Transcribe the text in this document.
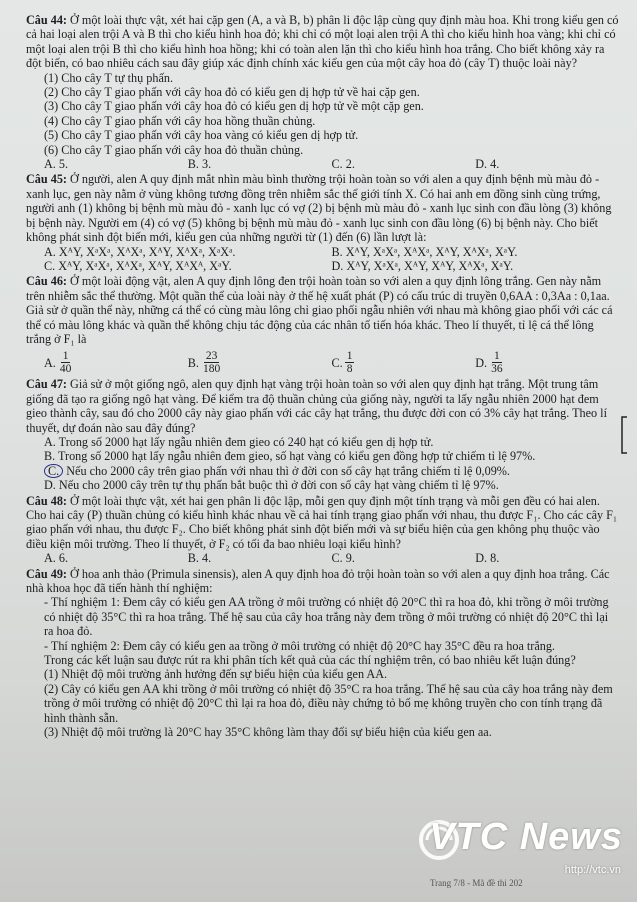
Câu 44: Ở một loài thực vật, xét hai cặp gen (A, a và B, b) phân li độc lập cùng quy định màu hoa. Khi trong kiểu gen có cả hai loại alen trội A và B thì cho kiểu hình hoa đỏ; khi chỉ có một loại alen trội A thì cho kiểu hình hoa vàng; khi chỉ có một loại alen trội B thì cho kiểu hình hoa hồng; khi có toàn alen lặn thì cho kiểu hình hoa trắng. Cho biết không xảy ra đột biến, có bao nhiêu cách sau đây giúp xác định chính xác kiểu gen của một cây hoa đỏ (cây T) thuộc loài này?

(1) Cho cây T tự thụ phấn.

(2) Cho cây T giao phấn với cây hoa đỏ có kiểu gen dị hợp tử về hai cặp gen.

(3) Cho cây T giao phấn với cây hoa đỏ có kiểu gen dị hợp tử về một cặp gen.

(4) Cho cây T giao phấn với cây hoa hồng thuần chủng.

(5) Cho cây T giao phấn với cây hoa vàng có kiểu gen dị hợp tử.

(6) Cho cây T giao phấn với cây hoa đỏ thuần chủng.

A. 5.	B. 3.	C. 2.	D. 4.

Câu 45: Ở người, alen A quy định mắt nhìn màu bình thường trội hoàn toàn so với alen a quy định bệnh mù màu đỏ - xanh lục, gen này nằm ở vùng không tương đồng trên nhiễm sắc thể giới tính X. Có hai anh em đồng sinh cùng trứng, người anh (1) không bị bệnh mù màu đỏ - xanh lục có vợ (2) bị bệnh mù màu đỏ - xanh lục sinh con đầu lòng (3) không bị bệnh này. Người em (4) có vợ (5) không bị bệnh mù màu đỏ - xanh lục sinh con đầu lòng (6) bị bệnh này. Cho biết không phát sinh đột biến mới, kiểu gen của những người từ (1) đến (6) lần lượt là:

A. XᴬY, XᵃXᵃ, XᴬXᵃ, XᴬY, XᴬXᵃ, XᵃXᵃ.	B. XᴬY, XᵃXᵃ, XᴬXᵃ, XᴬY, XᴬXᵃ, XᵃY.
C. XᴬY, XᵃXᵃ, XᴬXᵃ, XᴬY, XᴬXᴬ, XᵃY.	D. XᴬY, XᵃXᵃ, XᴬY, XᴬY, XᴬXᵃ, XᵃY.

Câu 46: Ở một loài động vật, alen A quy định lông đen trội hoàn toàn so với alen a quy định lông trắng. Gen này nằm trên nhiễm sắc thể thường. Một quần thể của loài này ở thế hệ xuất phát (P) có cấu trúc di truyền 0,6AA : 0,3Aa : 0,1aa. Giả sử ở quần thể này, những cá thể có cùng màu lông chỉ giao phối ngẫu nhiên với nhau mà không giao phối với các cá thể có màu lông khác và quần thể không chịu tác động của các nhân tố tiến hóa khác. Theo lí thuyết, tỉ lệ cá thể lông trắng ở F₁ là

A. $\frac{1}{40}$	B. $\frac{23}{180}$	C. $\frac{1}{8}$	D. $\frac{1}{36}$

Câu 47: Giả sử ở một giống ngô, alen quy định hạt vàng trội hoàn toàn so với alen quy định hạt trắng. Một trung tâm giống đã tạo ra giống ngô hạt vàng. Để kiểm tra độ thuần chủng của giống này, người ta lấy ngẫu nhiên 2000 hạt đem gieo thành cây, sau đó cho 2000 cây này giao phấn với các cây hạt trắng, thu được đời con có 3% cây hạt trắng. Theo lí thuyết, dự đoán nào sau đây đúng?

A. Trong số 2000 hạt lấy ngẫu nhiên đem gieo có 240 hạt có kiểu gen dị hợp tử.

B. Trong số 2000 hạt lấy ngẫu nhiên đem gieo, số hạt vàng có kiểu gen đồng hợp tử chiếm tỉ lệ 97%.

C. Nếu cho 2000 cây trên giao phấn với nhau thì ở đời con số cây hạt trắng chiếm tỉ lệ 0,09%.

D. Nếu cho 2000 cây trên tự thụ phấn bắt buộc thì ở đời con số cây hạt vàng chiếm tỉ lệ 97%.

Câu 48: Ở một loài thực vật, xét hai gen phân li độc lập, mỗi gen quy định một tính trạng và mỗi gen đều có hai alen. Cho hai cây (P) thuần chủng có kiểu hình khác nhau về cả hai tính trạng giao phấn với nhau, thu được F₁. Cho các cây F₁ giao phấn với nhau, thu được F₂. Cho biết không phát sinh đột biến mới và sự biểu hiện của gen không phụ thuộc vào điều kiện môi trường. Theo lí thuyết, ở F₂ có tối đa bao nhiêu loại kiểu hình?

A. 6.	B. 4.	C. 9.	D. 8.

Câu 49: Ở hoa anh thảo (Primula sinensis), alen A quy định hoa đỏ trội hoàn toàn so với alen a quy định hoa trắng. Các nhà khoa học đã tiến hành thí nghiệm:

- Thí nghiệm 1: Đem cây có kiểu gen AA trồng ở môi trường có nhiệt độ 20°C thì ra hoa đỏ, khi trồng ở môi trường có nhiệt độ 35°C thì ra hoa trắng. Thế hệ sau của cây hoa trắng này đem trồng ở môi trường có nhiệt độ 20°C thì lại ra hoa đỏ.

- Thí nghiệm 2: Đem cây có kiểu gen aa trồng ở môi trường có nhiệt độ 20°C hay 35°C đều ra hoa trắng.

Trong các kết luận sau được rút ra khi phân tích kết quả của các thí nghiệm trên, có bao nhiêu kết luận đúng?

(1) Nhiệt độ môi trường ảnh hưởng đến sự biểu hiện của kiểu gen AA.

(2) Cây có kiểu gen AA khi trồng ở môi trường có nhiệt độ 35°C ra hoa trắng. Thế hệ sau của cây hoa trắng này đem trồng ở môi trường có nhiệt độ 20°C thì lại ra hoa đỏ, điều này chứng tỏ bố mẹ không truyền cho con tính trạng đã hình thành sẵn.

(3) Nhiệt độ môi trường là 20°C hay 35°C không làm thay đổi sự biểu hiện của kiểu gen aa.

Trang 7/8 - Mã đề thi 202
VTC News
http://vtc.vn
